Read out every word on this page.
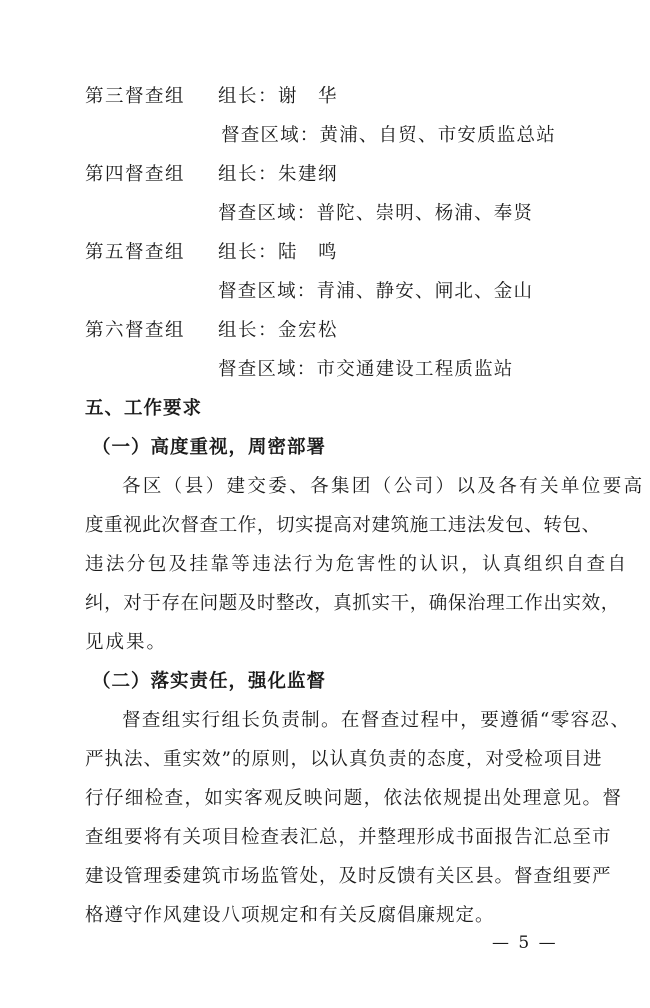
第三督查组 组长：谢　华
督查区域：黄浦、自贸、市安质监总站
第四督查组 组长：朱建纲
督查区域：普陀、崇明、杨浦、奉贤
第五督查组 组长：陆　鸣
督查区域：青浦、静安、闸北、金山
第六督查组 组长：金宏松
督查区域：市交通建设工程质监站
五、工作要求
（一）高度重视，周密部署
各区（县）建交委、各集团（公司）以及各有关单位要高
度重视此次督查工作，切实提高对建筑施工违法发包、转包、
违法分包及挂靠等违法行为危害性的认识，认真组织自查自
纠，对于存在问题及时整改，真抓实干，确保治理工作出实效，
见成果。
（二）落实责任，强化监督
督查组实行组长负责制。在督查过程中，要遵循“零容忍、
严执法、重实效”的原则，以认真负责的态度，对受检项目进
行仔细检查，如实客观反映问题，依法依规提出处理意见。督
查组要将有关项目检查表汇总，并整理形成书面报告汇总至市
建设管理委建筑市场监管处，及时反馈有关区县。督查组要严
格遵守作风建设八项规定和有关反腐倡廉规定。
— 5 —
